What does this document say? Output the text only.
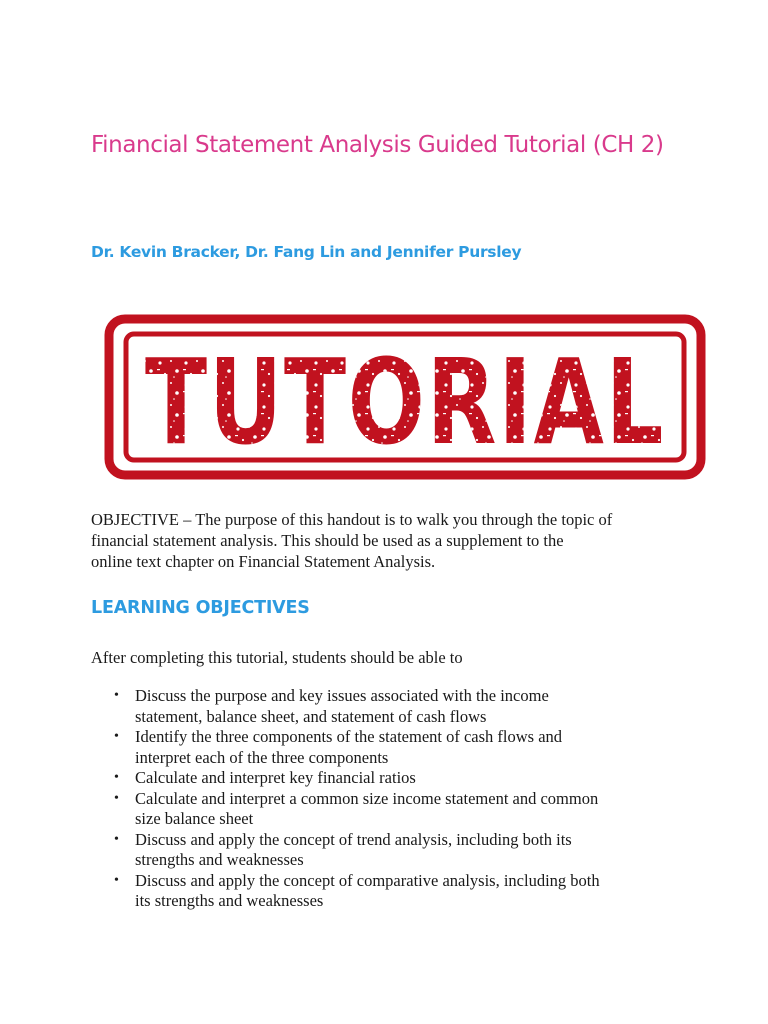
Financial Statement Analysis Guided Tutorial (CH 2)

Dr. Kevin Bracker, Dr. Fang Lin and Jennifer Pursley

TUTORIAL
TUTORIAL

OBJECTIVE – The purpose of this handout is to walk you through the topic of
financial statement analysis. This should be used as a supplement to the
online text chapter on Financial Statement Analysis.

LEARNING OBJECTIVES

After completing this tutorial, students should be able to

• Discuss the purpose and key issues associated with the income
statement, balance sheet, and statement of cash flows
• Identify the three components of the statement of cash flows and
interpret each of the three components
• Calculate and interpret key financial ratios
• Calculate and interpret a common size income statement and common
size balance sheet
• Discuss and apply the concept of trend analysis, including both its
strengths and weaknesses
• Discuss and apply the concept of comparative analysis, including both
its strengths and weaknesses
